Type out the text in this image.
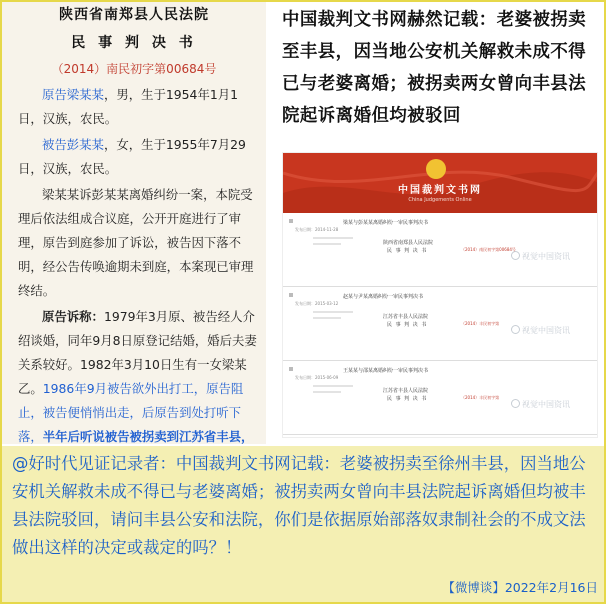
陕西省南郑县人民法院
民 事 判 决 书
（2014）南民初字第00684号
原告梁某某，男，生于1954年1月1日，汉族，农民。
被告彭某某，女，生于1955年7月29日，汉族，农民。
梁某某诉彭某某离婚纠纷一案，本院受理后依法组成合议庭，公开开庭进行了审理，原告到庭参加了诉讼，被告因下落不明，经公告传唤逾期未到庭，本案现已审理终结。
原告诉称：1979年3月原、被告经人介绍谈婚，同年9月8日原登记结婚，婚后夫妻关系较好。1982年3月10日生有一女梁某乙。1986年9月被告欲外出打工，原告阻止，被告便悄悄出走，后原告到处打听下落，半年后听说被告被拐卖到江苏省丰县，
中国裁判文书网赫然记载：老婆被拐卖至丰县，因当地公安机关解救未成不得已与老婆离婚；被拐卖两女曾向丰县法院起诉离婚但均被驳回
中国裁判文书网
China Judgements Online
梁某与彭某某离婚纠纷一审民事判决书
发布日期：2014-11-28
陕西省南郑县人民法院
民 事 判 决 书	（2014）南民初字第00684号
视觉中国资讯
赵某与尹某离婚纠纷一审民事判决书
发布日期：2015-03-12
江苏省丰县人民法院
民 事 判 决 书	（2014）丰民初字第
视觉中国资讯
王某某与邵某离婚纠纷一审民事判决书
发布日期：2015-06-09
江苏省丰县人民法院
民 事 判 决 书	（2014）丰民初字第
视觉中国资讯
@好时代见证记录者：中国裁判文书网记载：老婆被拐卖至徐州丰县，因当地公安机关解救未成不得已与老婆离婚；被拐卖两女曾向丰县法院起诉离婚但均被丰县法院驳回，请问丰县公安和法院，你们是依据原始部落奴隶制社会的不成文法做出这样的决定或裁定的吗？！
【微博谈】2022年2月16日
